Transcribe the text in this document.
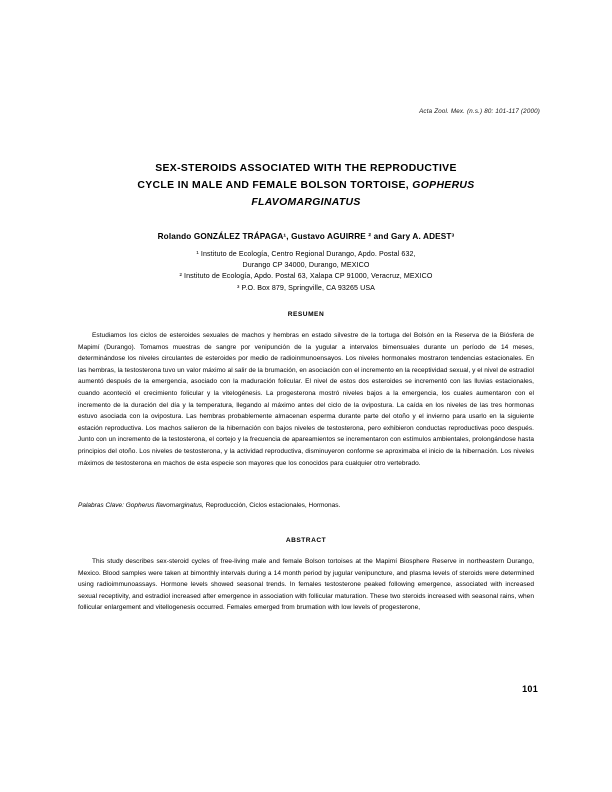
Acta Zool. Mex. (n.s.) 80: 101-117 (2000)
SEX-STEROIDS ASSOCIATED WITH THE REPRODUCTIVE
CYCLE IN MALE AND FEMALE BOLSON TORTOISE, GOPHERUS
FLAVOMARGINATUS
Rolando GONZÁLEZ TRÁPAGA¹, Gustavo AGUIRRE ² and Gary A. ADEST³
¹ Instituto de Ecología, Centro Regional Durango, Apdo. Postal 632,
Durango CP 34000, Durango, MEXICO
² Instituto de Ecología, Apdo. Postal 63, Xalapa CP 91000, Veracruz, MEXICO
³ P.O. Box 879, Springville, CA 93265 USA
RESUMEN

Estudiamos los ciclos de esteroides sexuales de machos y hembras en estado silvestre de la tortuga del Bolsón en la Reserva de la Biósfera de Mapimí (Durango). Tomamos muestras de sangre por venipunción de la yugular a intervalos bimensuales durante un período de 14 meses, determinándose los niveles circulantes de esteroides por medio de radioinmunoensayos. Los niveles hormonales mostraron tendencias estacionales. En las hembras, la testosterona tuvo un valor máximo al salir de la brumación, en asociación con el incremento en la receptividad sexual, y el nivel de estradiol aumentó después de la emergencia, asociado con la maduración folicular. El nivel de estos dos esteroides se incrementó con las lluvias estacionales, cuando aconteció el crecimiento folicular y la vitelogénesis. La progesterona mostró niveles bajos a la emergencia, los cuales aumentaron con el incremento de la duración del día y la temperatura, llegando al máximo antes del ciclo de la ovipostura. La caída en los niveles de las tres hormonas estuvo asociada con la ovipostura. Las hembras probablemente almacenan esperma durante parte del otoño y el invierno para usarlo en la siguiente estación reproductiva. Los machos salieron de la hibernación con bajos niveles de testosterona, pero exhibieron conductas reproductivas poco después. Junto con un incremento de la testosterona, el cortejo y la frecuencia de apareamientos se incrementaron con estímulos ambientales, prolongándose hasta principios del otoño. Los niveles de testosterona, y la actividad reproductiva, disminuyeron conforme se aproximaba el inicio de la hibernación. Los niveles máximos de testosterona en machos de esta especie son mayores que los conocidos para cualquier otro vertebrado.

Palabras Clave: Gopherus flavomarginatus, Reproducción, Ciclos estacionales, Hormonas.
ABSTRACT

This study describes sex-steroid cycles of free-living male and female Bolson tortoises at the Mapimí Biosphere Reserve in northeastern Durango, Mexico. Blood samples were taken at bimonthly intervals during a 14 month period by jugular venipuncture, and plasma levels of steroids were determined using radioimmunoassays. Hormone levels showed seasonal trends. In females testosterone peaked following emergence, associated with increased sexual receptivity, and estradiol increased after emergence in association with follicular maturation. These two steroids increased with seasonal rains, when follicular enlargement and vitellogenesis occurred. Females emerged from brumation with low levels of progesterone,

101
